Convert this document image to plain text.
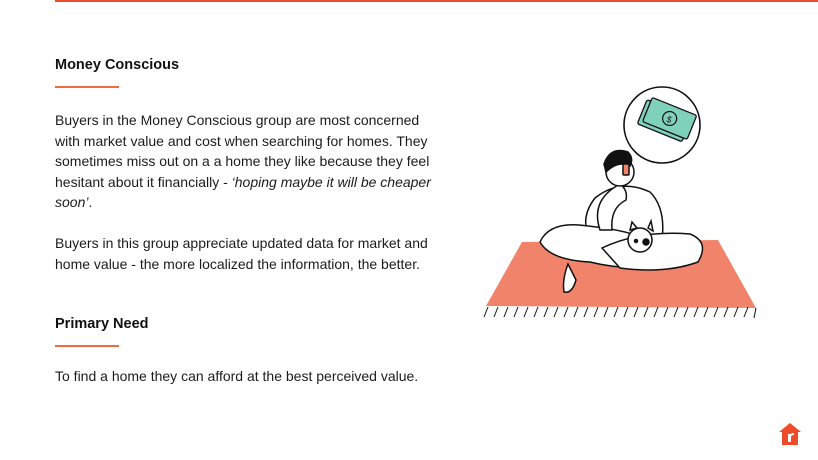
Money Conscious

Buyers in the Money Conscious group are most concerned with market value and cost when searching for homes. They sometimes miss out on a a home they like because they feel hesitant about it financially - ‘hoping maybe it will be cheaper soon’.

Buyers in this group appreciate updated data for market and home value - the more localized the information, the better.

Primary Need

To find a home they can afford at the best perceived value.

$
